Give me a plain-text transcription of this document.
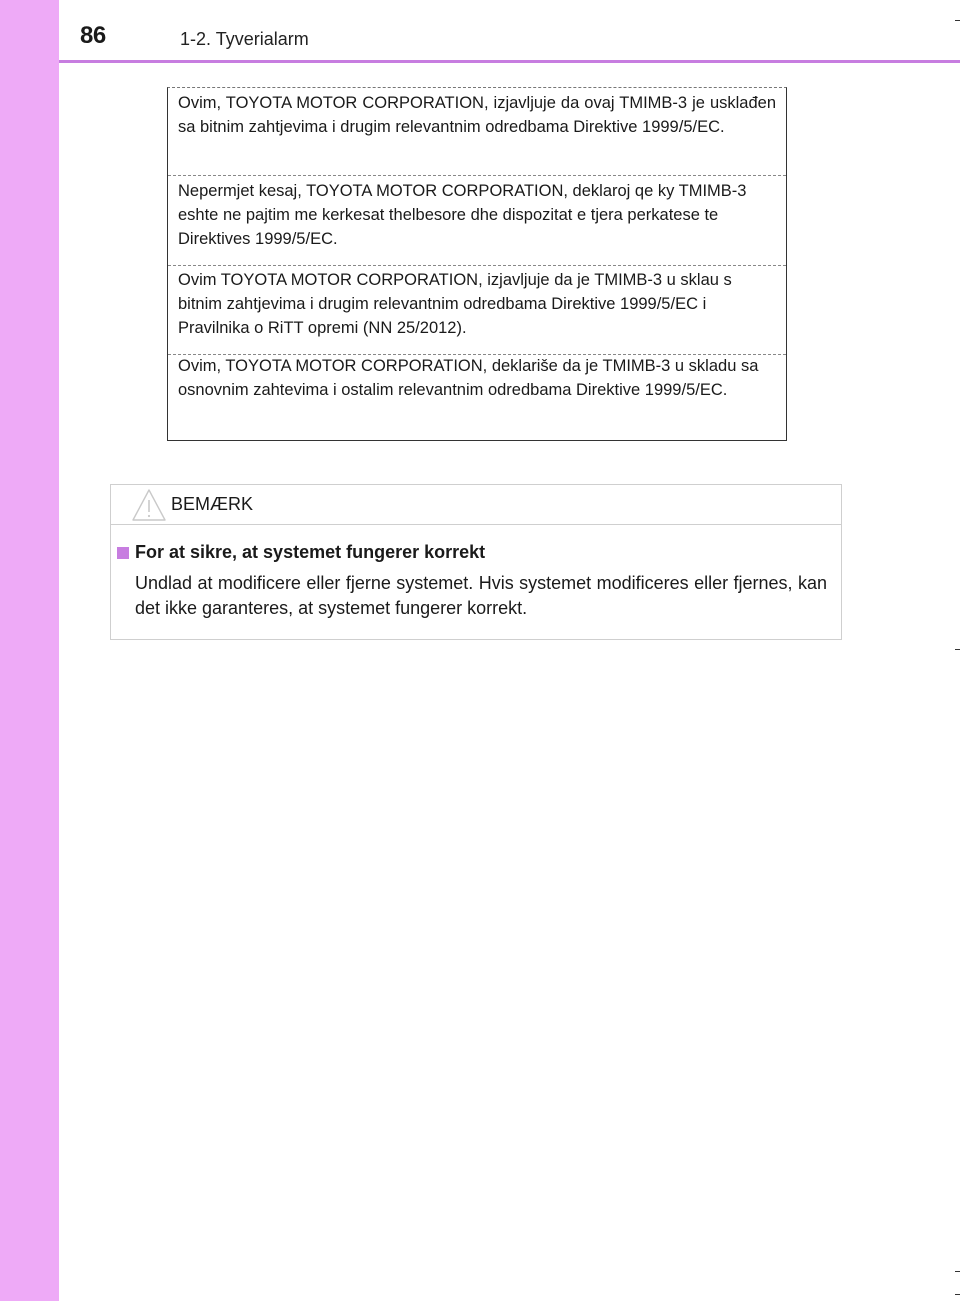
86	1-2. Tyverialarm
Ovim, TOYOTA MOTOR CORPORATION, izjavljuje da ovaj TMIMB-3 je usklađen sa bitnim zahtjevima i drugim relevantnim odredbama Direktive 1999/5/EC.
Nepermjet kesaj, TOYOTA MOTOR CORPORATION, deklaroj qe ky TMIMB-3 eshte ne pajtim me kerkesat thelbesore dhe dispozitat e tjera perkatese te Direktives 1999/5/EC.
Ovim TOYOTA MOTOR CORPORATION, izjavljuje da je TMIMB-3 u sklau s bitnim zahtjevima i drugim relevantnim odredbama Direktive 1999/5/EC i Pravilnika o RiTT opremi (NN 25/2012).
Ovim, TOYOTA MOTOR CORPORATION, deklariše da je TMIMB-3 u skladu sa osnovnim zahtevima i ostalim relevantnim odredbama Direktive 1999/5/EC.
BEMÆRK
For at sikre, at systemet fungerer korrekt
Undlad at modificere eller fjerne systemet. Hvis systemet modificeres eller fjernes, kan det ikke garanteres, at systemet fungerer korrekt.
